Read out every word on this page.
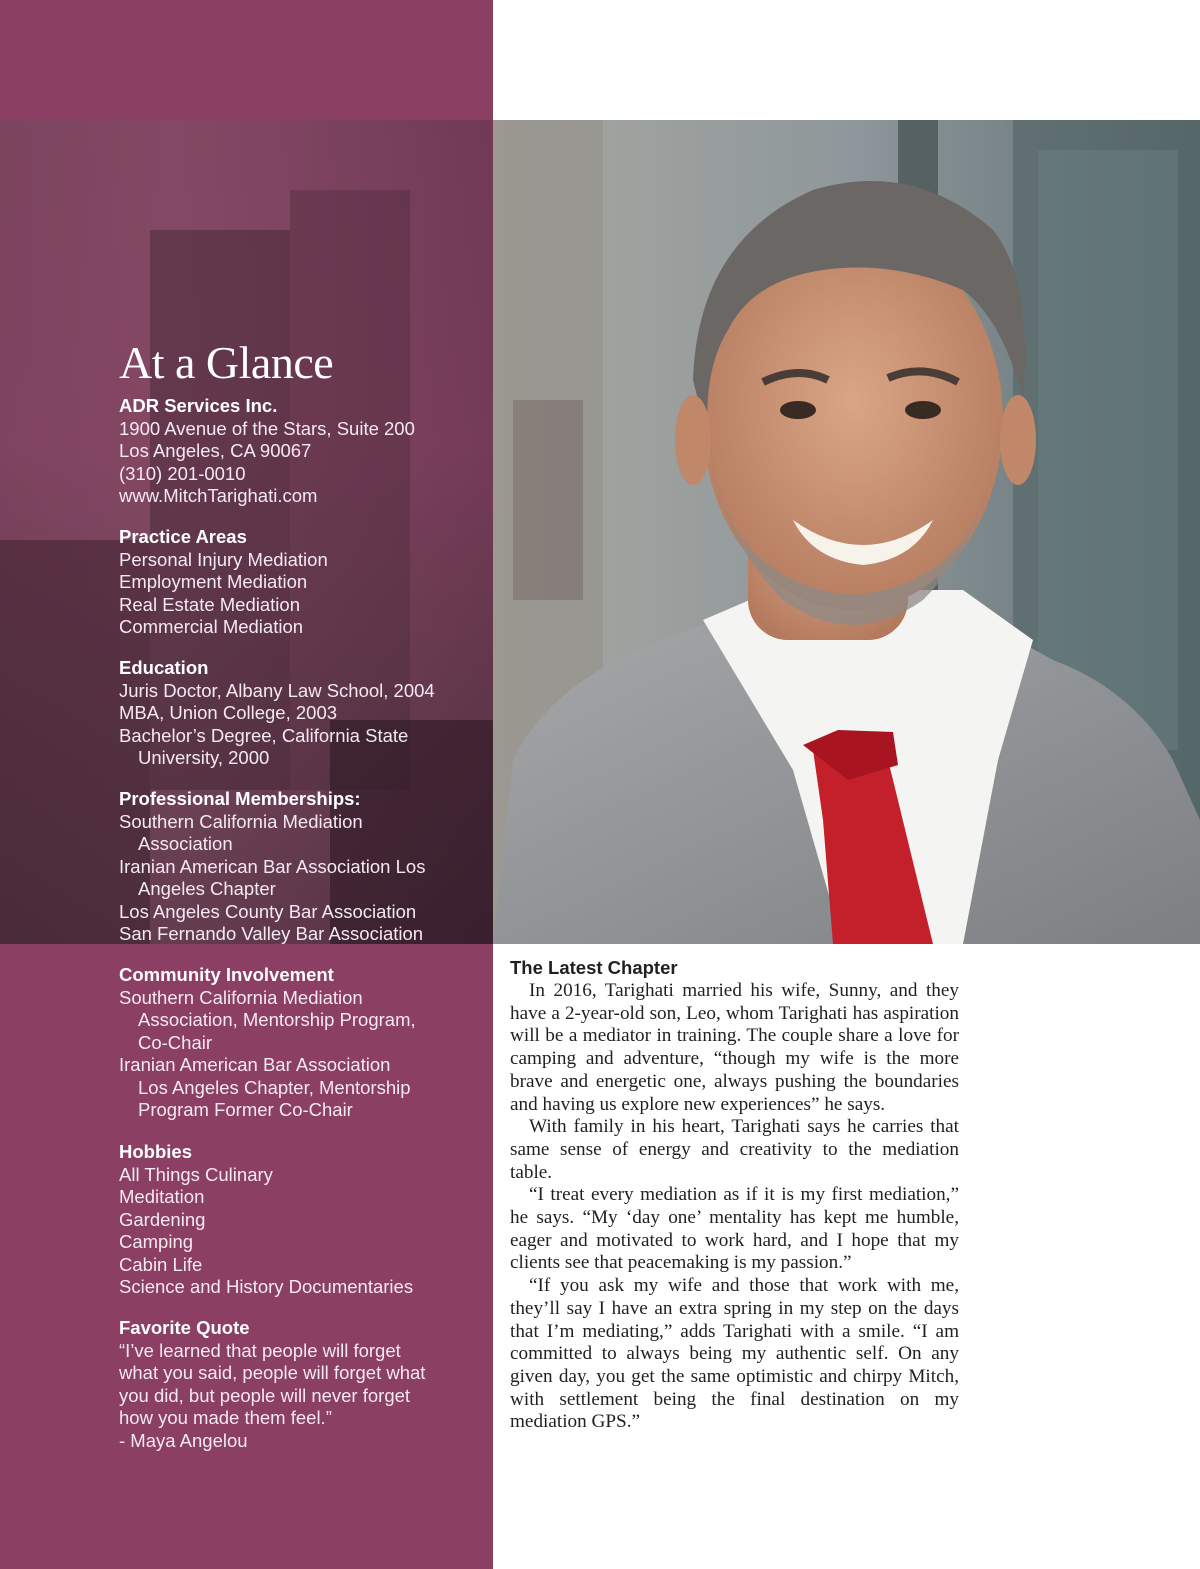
At a Glance
ADR Services Inc.
1900 Avenue of the Stars, Suite 200
Los Angeles, CA 90067
(310) 201-0010
www.MitchTarighati.com
Practice Areas
Personal Injury Mediation
Employment Mediation
Real Estate Mediation
Commercial Mediation
Education
Juris Doctor, Albany Law School, 2004
MBA, Union College, 2003
Bachelor’s Degree, California State
University, 2000
Professional Memberships:
Southern California Mediation
Association
Iranian American Bar Association Los
Angeles Chapter
Los Angeles County Bar Association
San Fernando Valley Bar Association
Community Involvement
Southern California Mediation
Association, Mentorship Program,
Co-Chair
Iranian American Bar Association
Los Angeles Chapter, Mentorship
Program Former Co-Chair
Hobbies
All Things Culinary
Meditation
Gardening
Camping
Cabin Life
Science and History Documentaries
Favorite Quote
“I’ve learned that people will forget
what you said, people will forget what
you did, but people will never forget
how you made them feel.”
- Maya Angelou
The Latest Chapter

In 2016, Tarighati married his wife, Sunny, and they have a 2-year-old son, Leo, whom Tarighati has aspiration will be a mediator in training. The couple share a love for camping and adventure, “though my wife is the more brave and energetic one, always pushing the boundaries and having us explore new experiences” he says.

With family in his heart, Tarighati says he carries that same sense of energy and creativity to the mediation table.

“I treat every mediation as if it is my first mediation,” he says. “My ‘day one’ mentality has kept me humble, eager and motivated to work hard, and I hope that my clients see that peacemaking is my passion.”

“If you ask my wife and those that work with me, they’ll say I have an extra spring in my step on the days that I’m mediating,” adds Tarighati with a smile. “I am committed to always being my authentic self. On any given day, you get the same optimistic and chirpy Mitch, with settlement being the final destination on my mediation GPS.”
